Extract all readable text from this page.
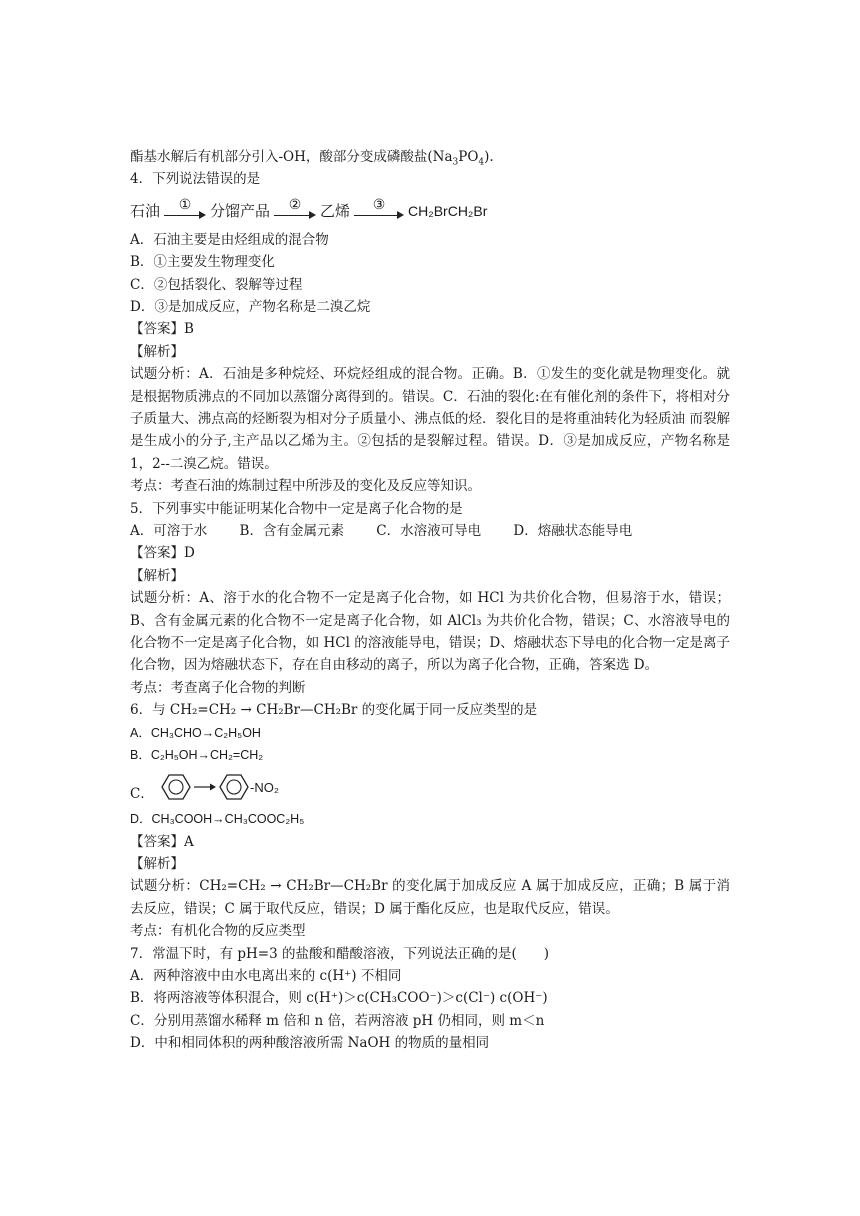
酯基水解后有机部分引入-OH，酸部分变成磷酸盐$(Na_3PO_4)$.
4．下列说法错误的是
石油	①	分馏产品	②	乙烯	③	CH₂BrCH₂Br
A．石油主要是由烃组成的混合物
B．①主要发生物理变化
C．②包括裂化、裂解等过程
D．③是加成反应，产物名称是二溴乙烷
【答案】B
【解析】
试题分析：A．石油是多种烷烃、环烷烃组成的混合物。正确。B．①发生的变化就是物理变化。就是根据物质沸点的不同加以蒸馏分离得到的。错误。C．石油的裂化:在有催化剂的条件下，将相对分子质量大、沸点高的烃断裂为相对分子质量小、沸点低的烃．裂化目的是将重油转化为轻质油 而裂解是生成小的分子,主产品以乙烯为主。②包括的是裂解过程。错误。D．③是加成反应，产物名称是 1，2--二溴乙烷。错误。
考点：考查石油的炼制过程中所涉及的变化及反应等知识。
5．下列事实中能证明某化合物中一定是离子化合物的是
A．可溶于水 B．含有金属元素 C．水溶液可导电 D．熔融状态能导电
【答案】D
【解析】
试题分析：A、溶于水的化合物不一定是离子化合物，如 HCl 为共价化合物，但易溶于水，错误；B、含有金属元素的化合物不一定是离子化合物，如 AlCl₃ 为共价化合物，错误；C、水溶液导电的化合物不一定是离子化合物，如 HCl 的溶液能导电，错误；D、熔融状态下导电的化合物一定是离子化合物，因为熔融状态下，存在自由移动的离子，所以为离子化合物，正确，答案选 D。
考点：考查离子化合物的判断
6．与 CH₂=CH₂ → CH₂Br—CH₂Br 的变化属于同一反应类型的是
A．CH₃CHO→C₂H₅OH
B．C₂H₅OH→CH₂=CH₂
C．	-NO₂
D．CH₃COOH→CH₃COOC₂H₅
【答案】A
【解析】
试题分析：CH₂=CH₂ → CH₂Br—CH₂Br 的变化属于加成反应 A 属于加成反应，正确；B 属于消去反应，错误；C 属于取代反应，错误；D 属于酯化反应，也是取代反应，错误。
考点：有机化合物的反应类型
7．常温下时，有 pH=3 的盐酸和醋酸溶液，下列说法正确的是(　　)
A．两种溶液中由水电离出来的 c(H⁺) 不相同
B．将两溶液等体积混合，则 c(H⁺)＞c(CH₃COO⁻)＞c(Cl⁻) c(OH⁻)
C．分别用蒸馏水稀释 m 倍和 n 倍，若两溶液 pH 仍相同，则 m＜n
D．中和相同体积的两种酸溶液所需 NaOH 的物质的量相同
